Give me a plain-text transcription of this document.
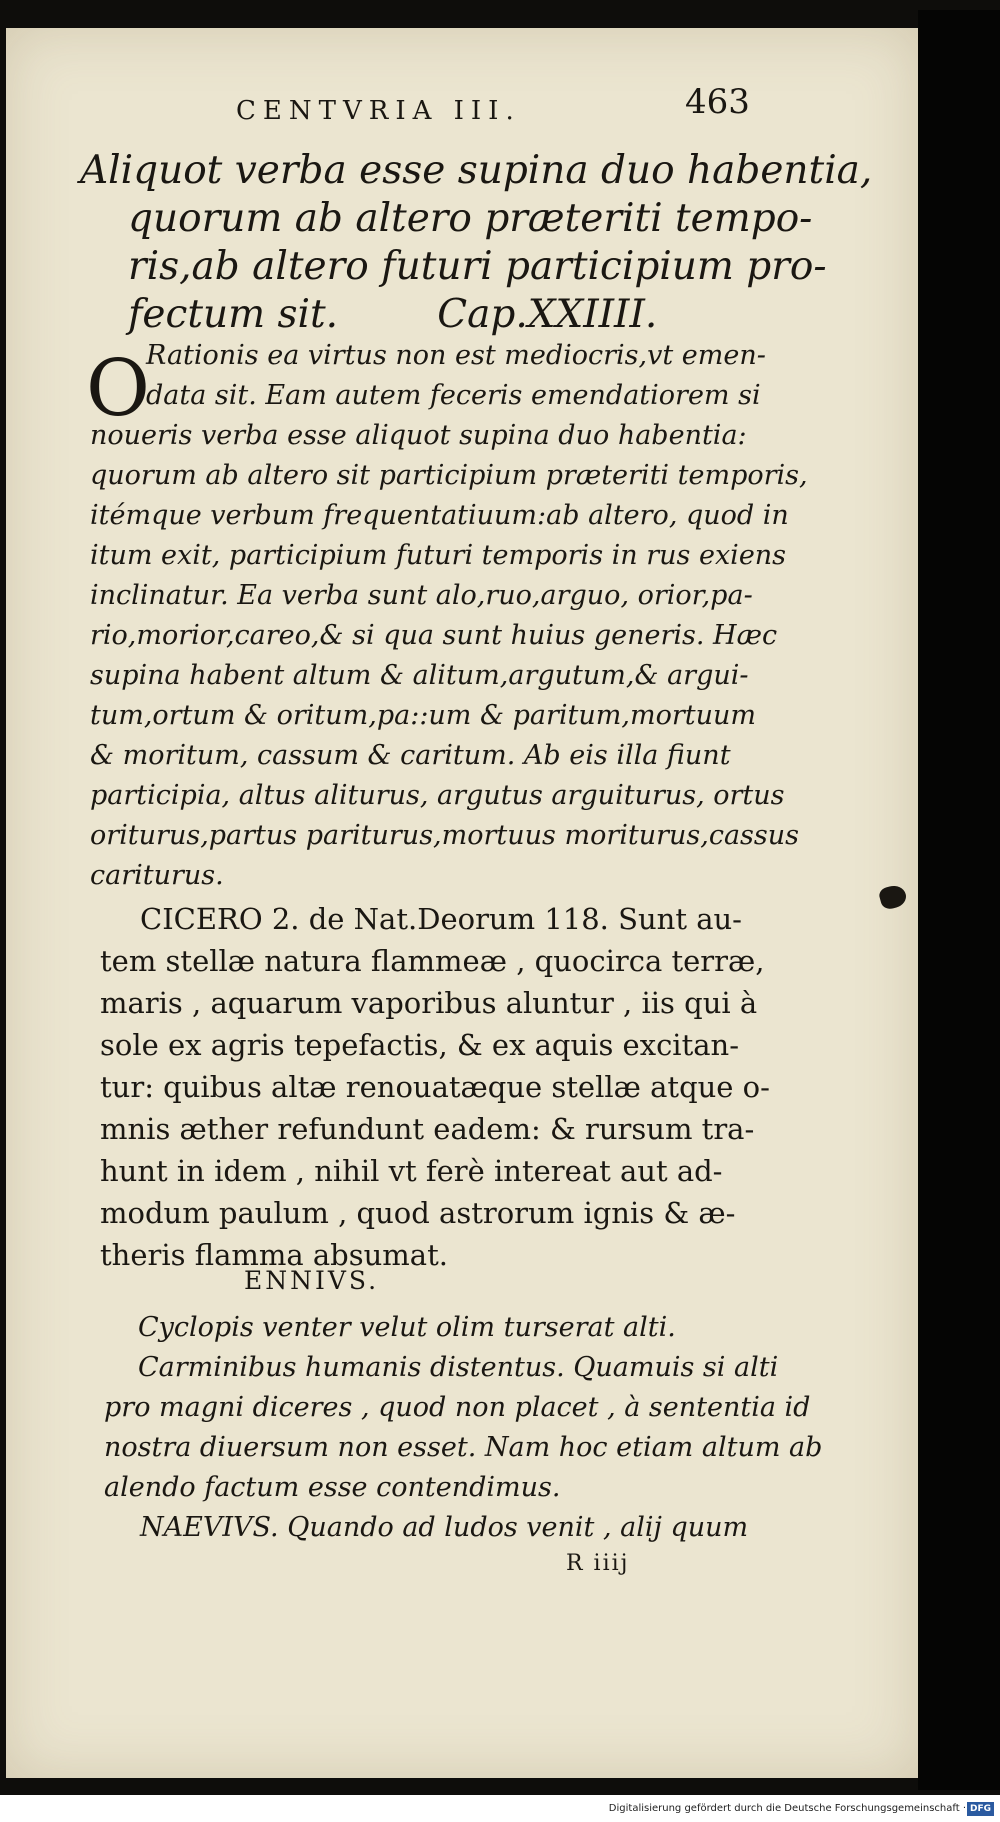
CENTVRIA III.	463

Aliquot verba esse supina duo habentia,

quorum ab altero præteriti tempo-

ris,ab altero futuri participium pro-

fectum sit.        Cap.XXIIII.

O

Rationis ea virtus non est mediocris,vt emen-

data sit. Eam autem feceris emendatiorem si

noueris verba esse aliquot supina duo habentia:

quorum ab altero sit participium præteriti temporis,

itémque verbum frequentatiuum:ab altero, quod in

itum exit, participium futuri temporis in rus exiens

inclinatur. Ea verba sunt alo,ruo,arguo, orior,pa-

rio,morior,careo,& si qua sunt huius generis. Hæc

supina habent altum & alitum,argutum,& argui-

tum,ortum & oritum,pa::um & paritum,mortuum

& moritum, cassum & caritum. Ab eis illa fiunt

participia, altus aliturus, argutus arguiturus, ortus

oriturus,partus pariturus,mortuus moriturus,cassus

cariturus.

CICERO 2. de Nat.Deorum 118. Sunt au-

tem stellæ natura flammeæ , quocirca terræ,

maris , aquarum vaporibus aluntur , iis qui à

sole ex agris tepefactis, & ex aquis excitan-

tur: quibus altæ renouatæque stellæ atque o-

mnis æther refundunt eadem: & rursum tra-

hunt in idem , nihil vt ferè intereat aut ad-

modum paulum , quod astrorum ignis & æ-

theris flamma absumat.

ENNIVS.

Cyclopis venter velut olim turserat alti.

Carminibus humanis distentus. Quamuis si alti

pro magni diceres , quod non placet , à sententia id

nostra diuersum non esset. Nam hoc etiam altum ab

alendo factum esse contendimus.

NAEVIVS. Quando ad ludos venit , alij quum

R iiij

Digitalisierung gefördert durch die Deutsche Forschungsgemeinschaft · DFG
